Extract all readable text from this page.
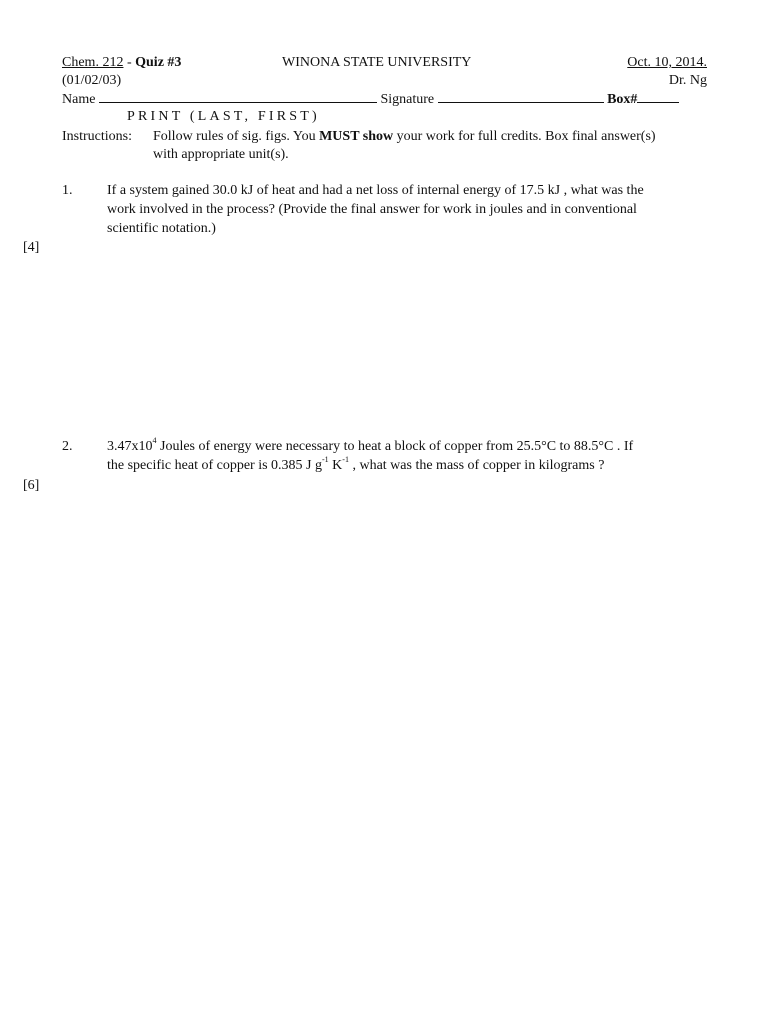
Chem. 212 - Quiz #3	WINONA STATE UNIVERSITY	Oct. 10, 2014.
(01/02/03)	Dr. Ng
Name	Signature	Box#
PRINT (LAST, FIRST)
Instructions: Follow rules of sig. figs. You MUST show your work for full credits. Box final answer(s)
with appropriate unit(s).
1. If a system gained 30.0 kJ of heat and had a net loss of internal energy of 17.5 kJ , what was the
work involved in the process? (Provide the final answer for work in joules and in conventional
scientific notation.)
[4]
2. $3.47x10^4$ Joules of energy were necessary to heat a block of copper from 25.5°C to 88.5°C . If
the specific heat of copper is 0.385 J $g^{-1}$ $K^{-1}$ , what was the mass of copper in kilograms ?
[6]
